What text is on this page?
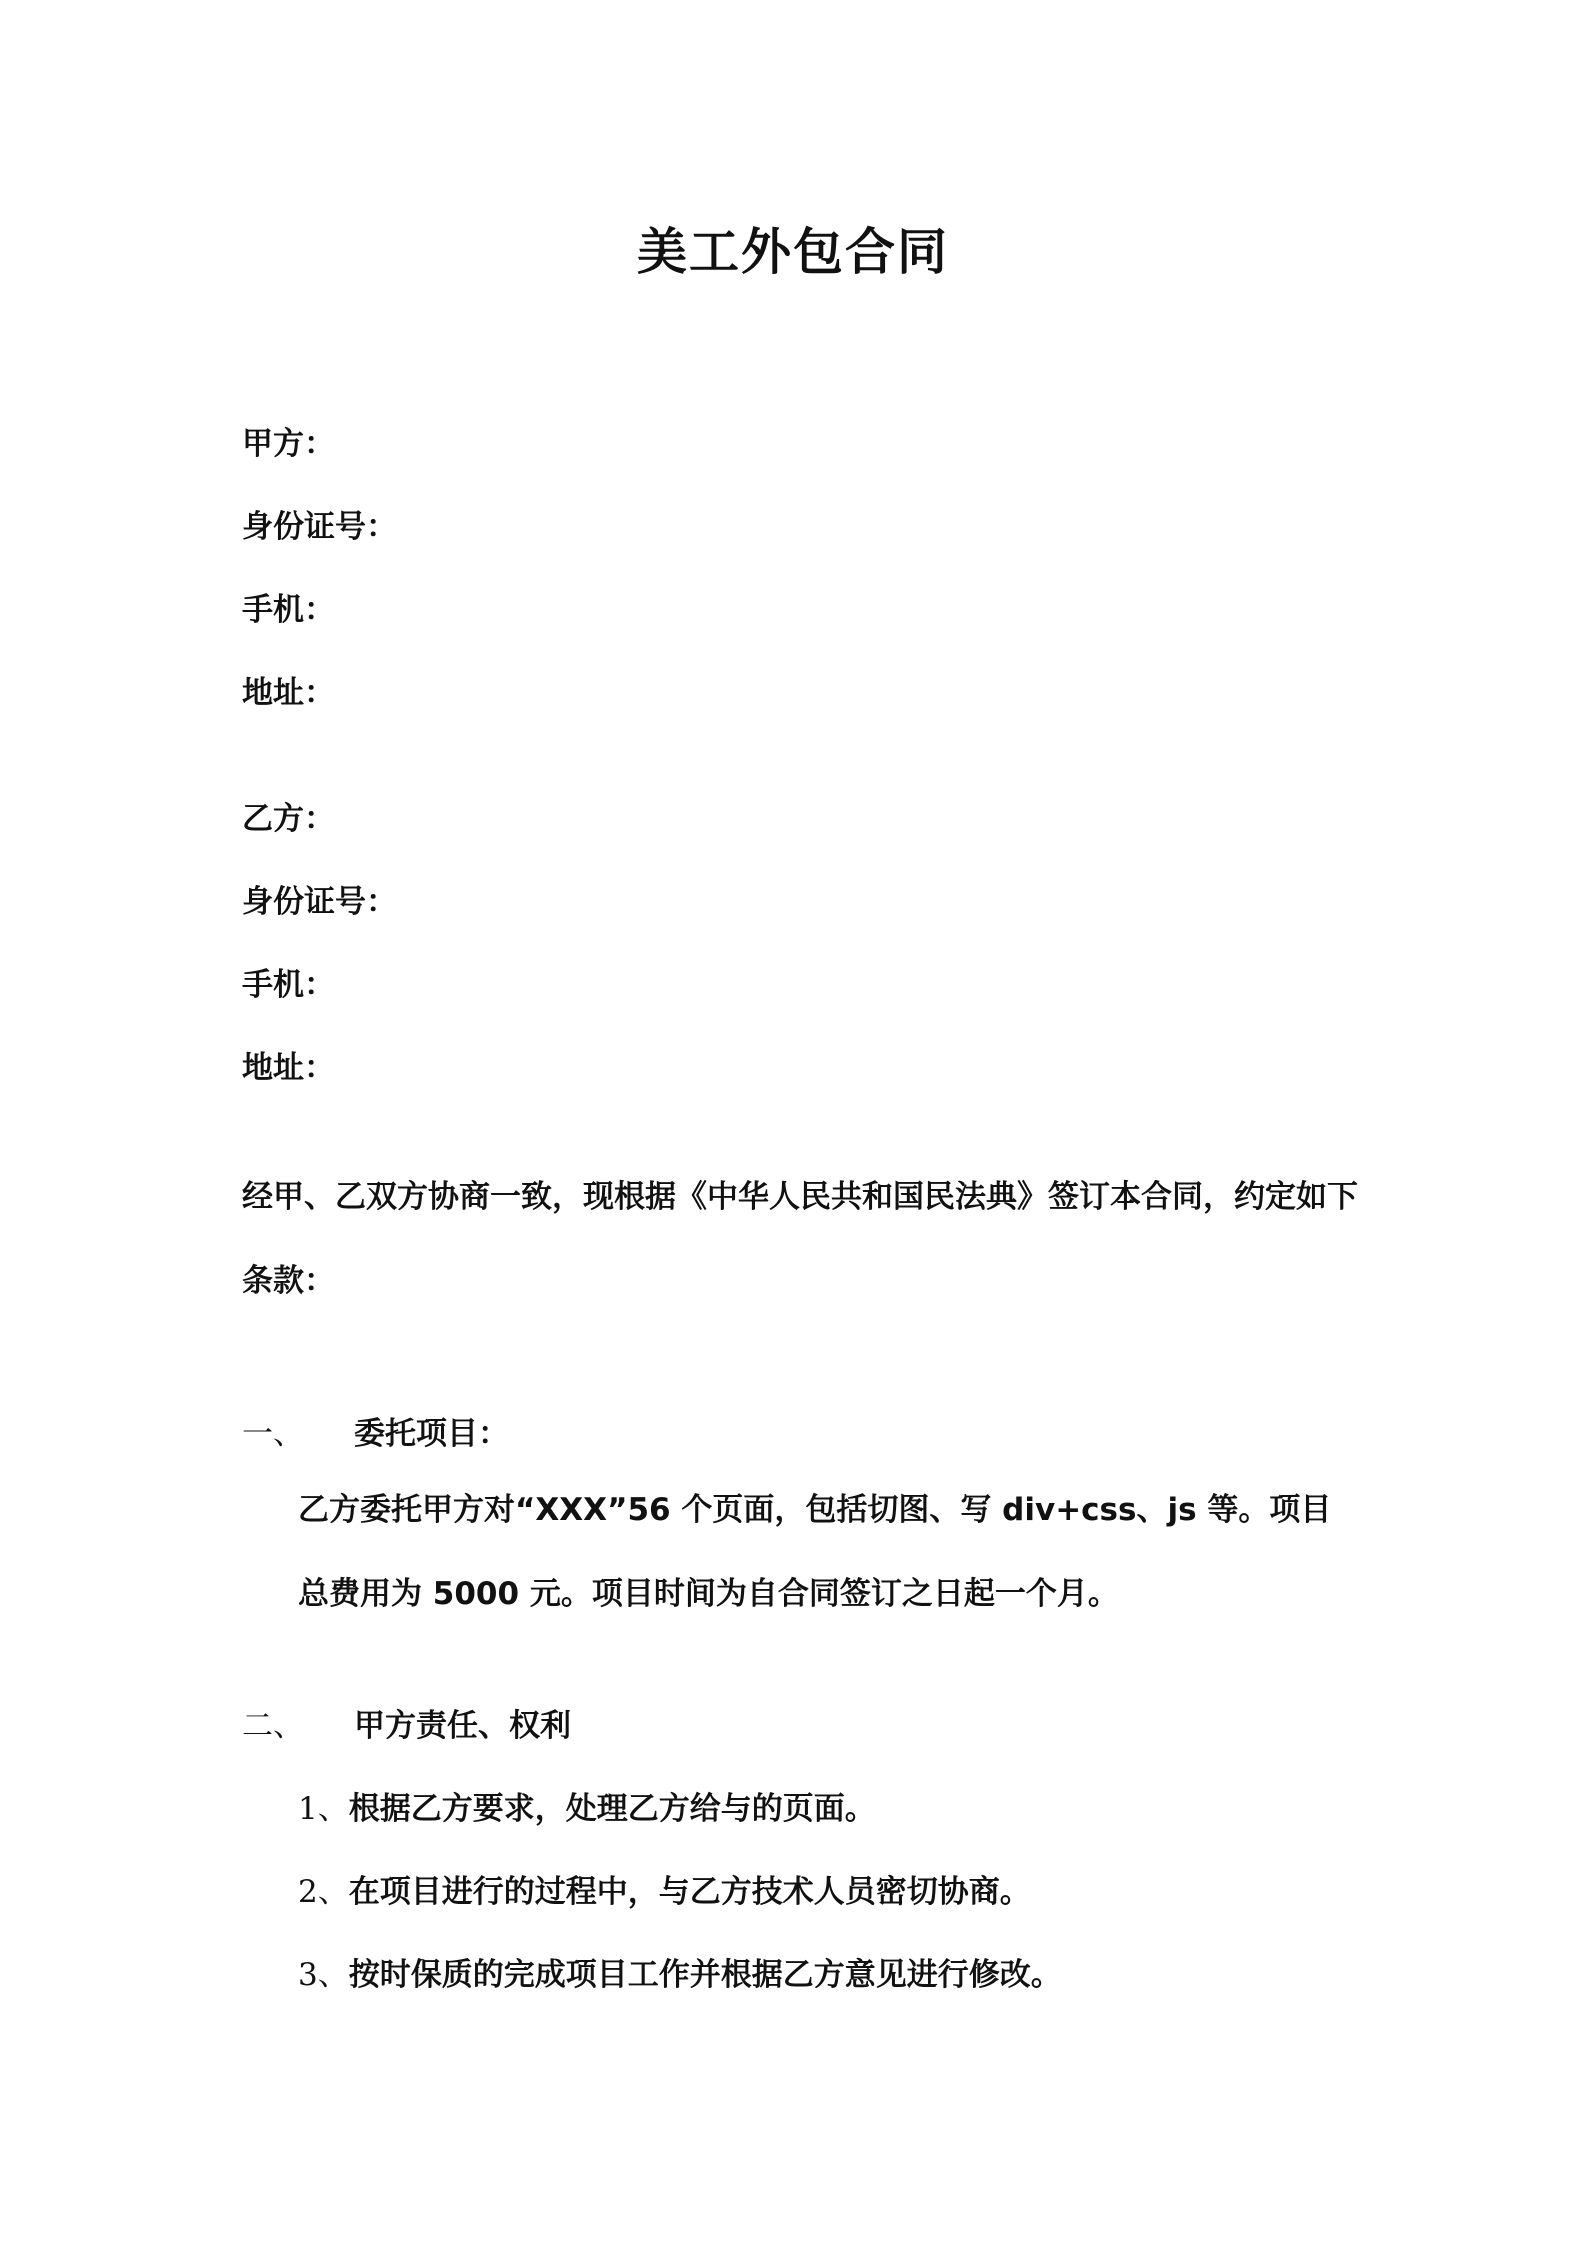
美工外包合同
甲方：
身份证号：
手机：
地址：
乙方：
身份证号：
手机：
地址：
经甲、乙双方协商一致，现根据《中华人民共和国民法典》签订本合同，约定如下条款：
一、 委托项目：
乙方委托甲方对“XXX”56 个页面，包括切图、写 div+css、js 等。项目总费用为 5000 元。项目时间为自合同签订之日起一个月。
二、 甲方责任、权利
1、根据乙方要求，处理乙方给与的页面。
2、在项目进行的过程中，与乙方技术人员密切协商。
3、按时保质的完成项目工作并根据乙方意见进行修改。
